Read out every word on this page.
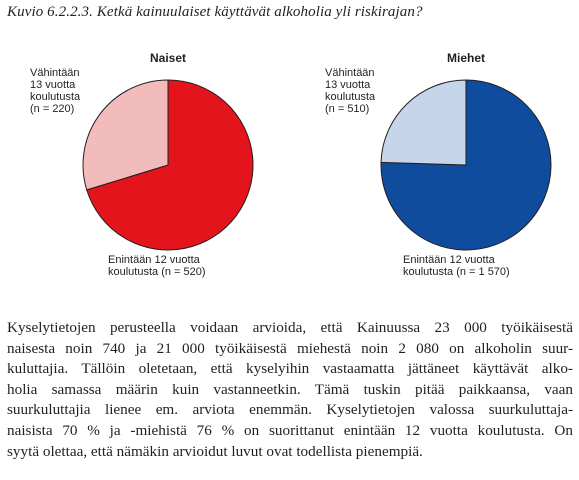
Kuvio 6.2.2.3. Ketkä kainuulaiset käyttävät alkoholia yli riskirajan?
Naiset
Enintään 12 vuotta koulutusta (n = 520)
Vähintään 13 vuotta koulutusta (n = 220)
Miehet
Enintään 12 vuotta koulutusta (n = 1 570)
Vähintään 13 vuotta koulutusta (n = 510)
Kyselytietojen perusteella voidaan arvioida, että Kainuussa 23 000 työikäisestä
naisesta noin 740 ja 21 000 työikäisestä miehestä noin 2 080 on alkoholin suur-
kuluttajia. Tällöin oletetaan, että kyselyihin vastaamatta jättäneet käyttävät alko-
holia samassa määrin kuin vastanneetkin. Tämä tuskin pitää paikkaansa, vaan
suurkuluttajia lienee em. arviota enemmän. Kyselytietojen valossa suurkuluttaja-
naisista 70 % ja -miehistä 76 % on suorittanut enintään 12 vuotta koulutusta. On
syytä olettaa, että nämäkin arvioidut luvut ovat todellista pienempiä.
